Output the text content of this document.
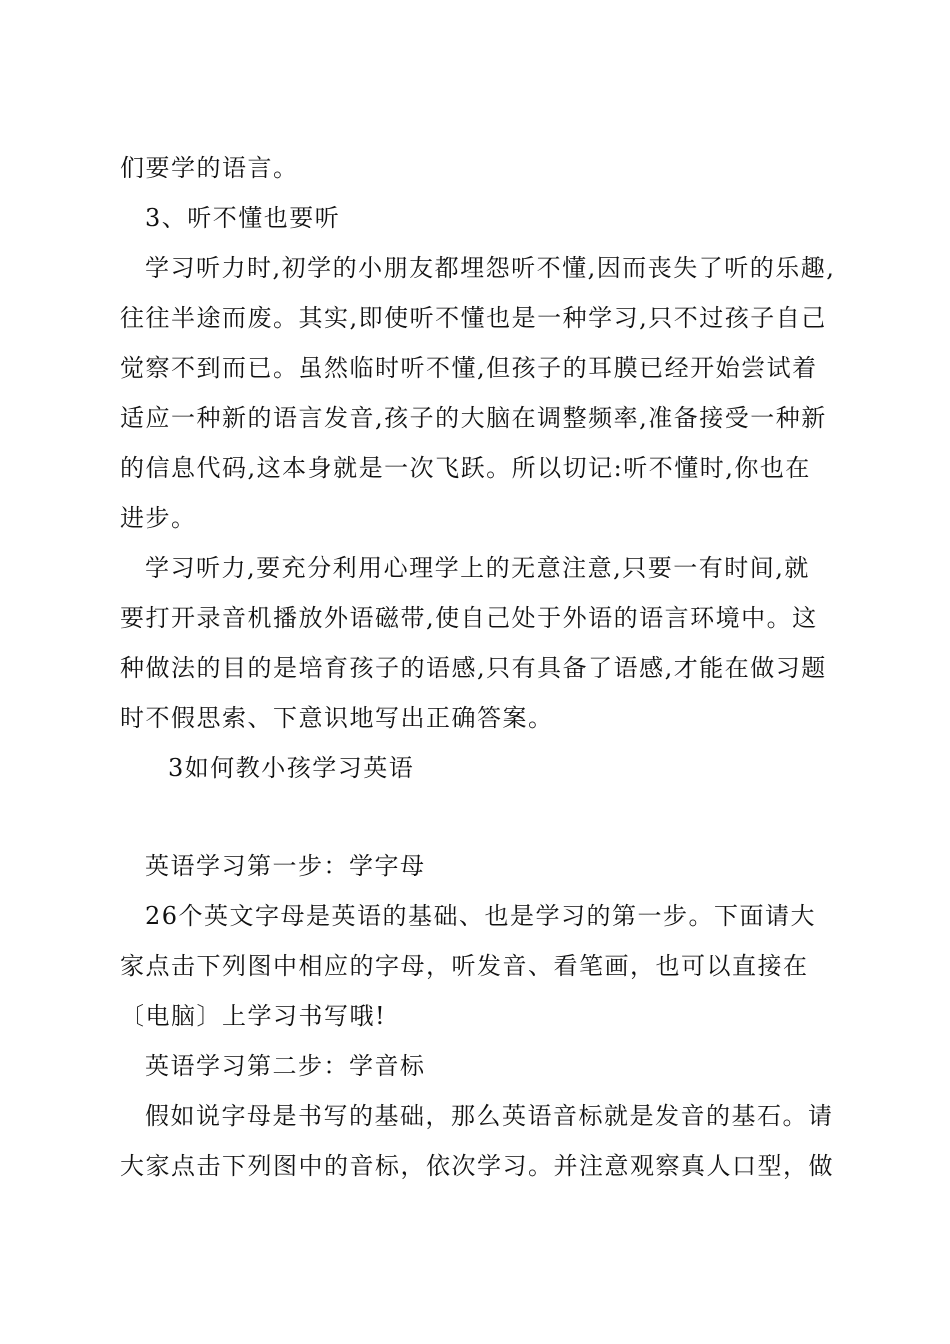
们要学的语言。

3、听不懂也要听

学习听力时,初学的小朋友都埋怨听不懂,因而丧失了听的乐趣,

往往半途而废。其实,即使听不懂也是一种学习,只不过孩子自己

觉察不到而已。虽然临时听不懂,但孩子的耳膜已经开始尝试着

适应一种新的语言发音,孩子的大脑在调整频率,准备接受一种新

的信息代码,这本身就是一次飞跃。所以切记:听不懂时,你也在

进步。

学习听力,要充分利用心理学上的无意注意,只要一有时间,就

要打开录音机播放外语磁带,使自己处于外语的语言环境中。这

种做法的目的是培育孩子的语感,只有具备了语感,才能在做习题

时不假思索、下意识地写出正确答案。

3如何教小孩学习英语

英语学习第一步：学字母

26个英文字母是英语的基础、也是学习的第一步。下面请大

家点击下列图中相应的字母，听发音、看笔画，也可以直接在

〔电脑〕上学习书写哦!

英语学习第二步：学音标

假如说字母是书写的基础，那么英语音标就是发音的基石。请

大家点击下列图中的音标，依次学习。并注意观察真人口型，做
